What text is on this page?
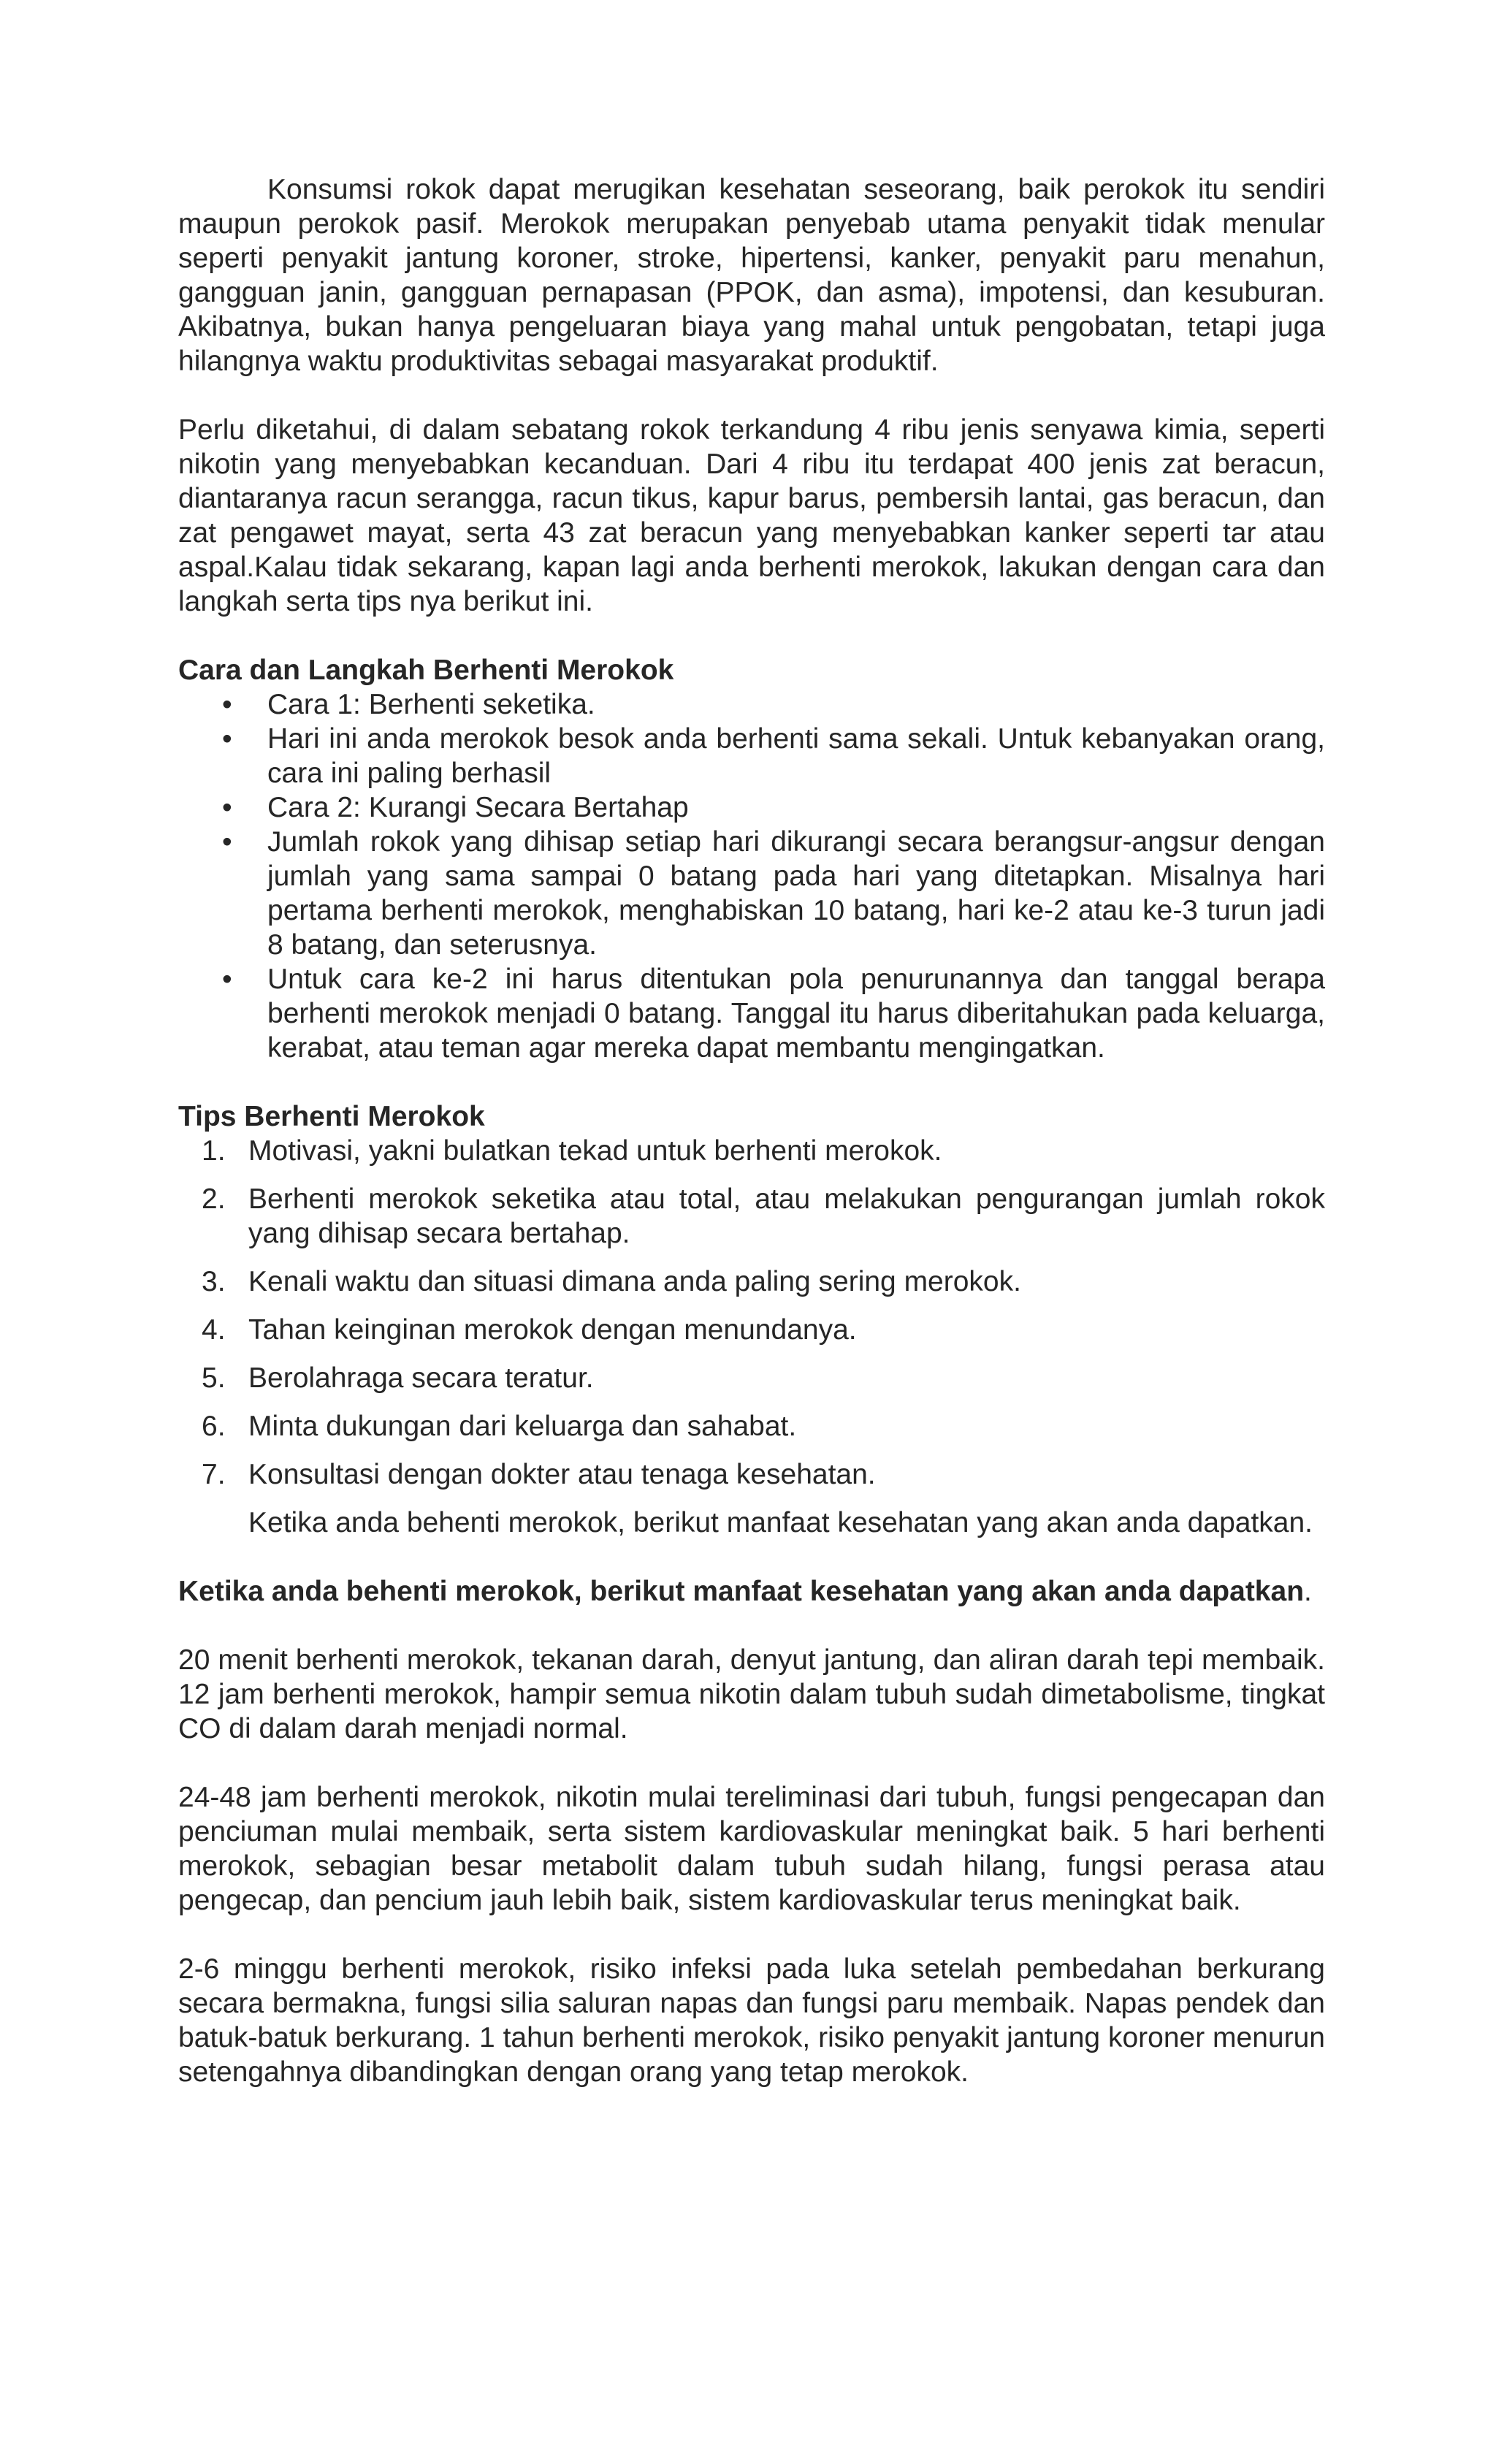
Konsumsi rokok dapat merugikan kesehatan seseorang, baik perokok itu sendiri maupun perokok pasif. Merokok merupakan penyebab utama penyakit tidak menular seperti penyakit jantung koroner, stroke, hipertensi, kanker, penyakit paru menahun, gangguan janin, gangguan pernapasan (PPOK, dan asma), impotensi, dan kesuburan. Akibatnya, bukan hanya pengeluaran biaya yang mahal untuk pengobatan, tetapi juga hilangnya waktu produktivitas sebagai masyarakat produktif.

Perlu diketahui, di dalam sebatang rokok terkandung 4 ribu jenis senyawa kimia, seperti nikotin yang menyebabkan kecanduan. Dari 4 ribu itu terdapat 400 jenis zat beracun, diantaranya racun serangga, racun tikus, kapur barus, pembersih lantai, gas beracun, dan zat pengawet mayat, serta 43 zat beracun yang menyebabkan kanker seperti tar atau aspal.Kalau tidak sekarang, kapan lagi anda berhenti merokok, lakukan dengan cara dan langkah serta tips nya berikut ini.

Cara dan Langkah Berhenti Merokok

• Cara 1: Berhenti seketika.
• Hari ini anda merokok besok anda berhenti sama sekali. Untuk kebanyakan orang, cara ini paling berhasil
• Cara 2: Kurangi Secara Bertahap
• Jumlah rokok yang dihisap setiap hari dikurangi secara berangsur-angsur dengan jumlah yang sama sampai 0 batang pada hari yang ditetapkan. Misalnya hari pertama berhenti merokok, menghabiskan 10 batang, hari ke-2 atau ke-3 turun jadi 8 batang, dan seterusnya.
• Untuk cara ke-2 ini harus ditentukan pola penurunannya dan tanggal berapa berhenti merokok menjadi 0 batang. Tanggal itu harus diberitahukan pada keluarga, kerabat, atau teman agar mereka dapat membantu mengingatkan.

Tips Berhenti Merokok

1. Motivasi, yakni bulatkan tekad untuk berhenti merokok.
2. Berhenti merokok seketika atau total, atau melakukan pengurangan jumlah rokok yang dihisap secara bertahap.
3. Kenali waktu dan situasi dimana anda paling sering merokok.
4. Tahan keinginan merokok dengan menundanya.
5. Berolahraga secara teratur.
6. Minta dukungan dari keluarga dan sahabat.
7. Konsultasi dengan dokter atau tenaga kesehatan.

Ketika anda behenti merokok, berikut manfaat kesehatan yang akan anda dapatkan.

Ketika anda behenti merokok, berikut manfaat kesehatan yang akan anda dapatkan.

20 menit berhenti merokok, tekanan darah, denyut jantung, dan aliran darah tepi membaik. 12 jam berhenti merokok, hampir semua nikotin dalam tubuh sudah dimetabolisme, tingkat CO di dalam darah menjadi normal.

24-48 jam berhenti merokok, nikotin mulai tereliminasi dari tubuh, fungsi pengecapan dan penciuman mulai membaik, serta sistem kardiovaskular meningkat baik. 5 hari berhenti merokok, sebagian besar metabolit dalam tubuh sudah hilang, fungsi perasa atau pengecap, dan pencium jauh lebih baik, sistem kardiovaskular terus meningkat baik.

2-6 minggu berhenti merokok, risiko infeksi pada luka setelah pembedahan berkurang secara bermakna, fungsi silia saluran napas dan fungsi paru membaik. Napas pendek dan batuk-batuk berkurang. 1 tahun berhenti merokok, risiko penyakit jantung koroner menurun setengahnya dibandingkan dengan orang yang tetap merokok.
